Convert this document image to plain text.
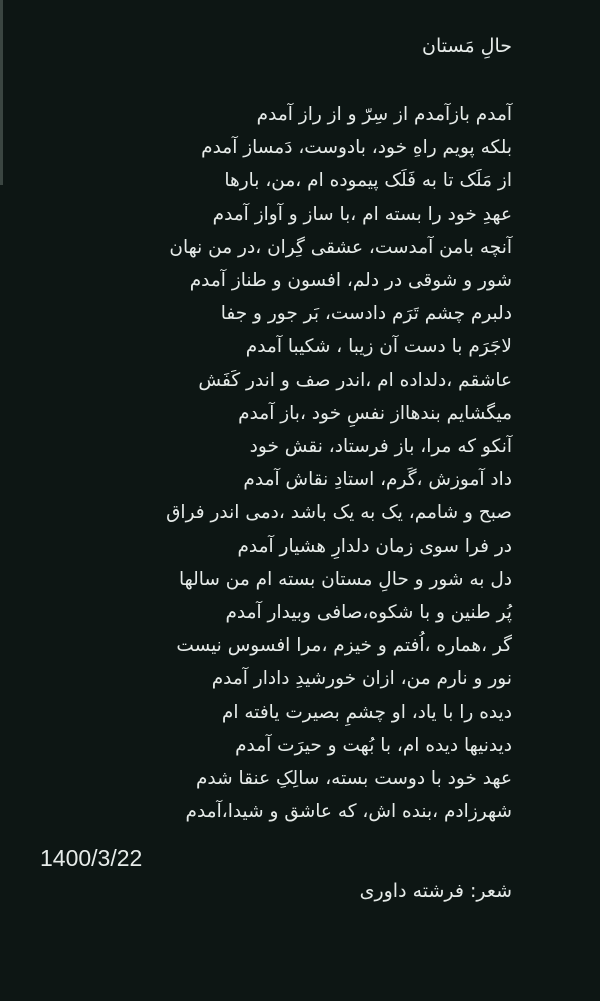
حالِ مَستان
آمدم بازآمدم از سِرّ و از راز آمدم
بلکه پویم راهِ خود، بادوست، دَمساز آمدم
از مَلَک تا به فَلَک پیموده ام ،من، بارها
عهدِ خود را بسته ام ،با ساز و آواز آمدم
آنچه بامن آمدست، عشقی گِران ،در من نهان
شور و شوقی در دلم، افسون و طناز آمدم
دلبرم چشم تَرَم دادست، بَر جور و جفا
لاجَرَم با دست آن زیبا ، شکیبا آمدم
عاشقم ،دلداده ام ،اندر صف و اندر کَفَش
میگشایم بندهااز نفسِ خود ،باز آمدم
آنکو که مرا، باز فرستاد، نقش خود
داد آموزش ،گَرم، استادِ نقاش آمدم
صبح و شامم، یک به یک باشد ،دمی اندر فراق
در فرا سوی زمان دلدارِ هشیار آمدم
دل به شور و حالِ مستان بسته ام من سالها
پُر طنین و با شکوه،صافی وبیدار آمدم
گر ،هماره ،اُفتم و خیزم ،مرا افسوس نیست
نور و نارم من، ازان خورشیدِ دادار آمدم
دیده را با یاد، او چشمِ بصیرت یافته ام
دیدنیها دیده ام، با بُهت و حیرَت آمدم
عهد خود با دوست بسته، سالِکِ عنقا شدم
شهرزادم ،بنده اش، که عاشق و شیدا،آمدم
1400/3/22
شعر: فرشته داوری
